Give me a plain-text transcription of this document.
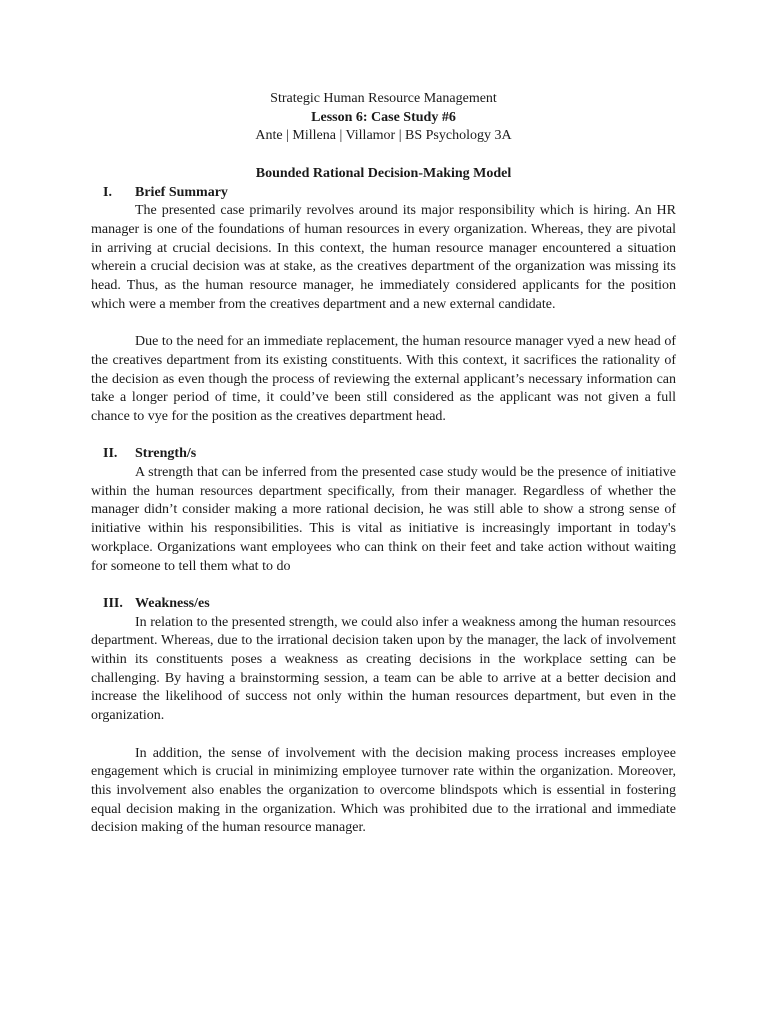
Strategic Human Resource Management
Lesson 6: Case Study #6
Ante | Millena | Villamor | BS Psychology 3A
Bounded Rational Decision-Making Model
I.	Brief Summary

The presented case primarily revolves around its major responsibility which is hiring. An HR manager is one of the foundations of human resources in every organization. Whereas, they are pivotal in arriving at crucial decisions. In this context, the human resource manager encountered a situation wherein a crucial decision was at stake, as the creatives department of the organization was missing its head. Thus, as the human resource manager, he immediately considered applicants for the position which were a member from the creatives department and a new external candidate.

Due to the need for an immediate replacement, the human resource manager vyed a new head of the creatives department from its existing constituents. With this context, it sacrifices the rationality of the decision as even though the process of reviewing the external applicant’s necessary information can take a longer period of time, it could’ve been still considered as the applicant was not given a full chance to vye for the position as the creatives department head.

II.	Strength/s

A strength that can be inferred from the presented case study would be the presence of initiative within the human resources department specifically, from their manager. Regardless of whether the manager didn’t consider making a more rational decision, he was still able to show a strong sense of initiative within his responsibilities. This is vital as initiative is increasingly important in today's workplace. Organizations want employees who can think on their feet and take action without waiting for someone to tell them what to do

III. Weakness/es

In relation to the presented strength, we could also infer a weakness among the human resources department. Whereas, due to the irrational decision taken upon by the manager, the lack of involvement within its constituents poses a weakness as creating decisions in the workplace setting can be challenging. By having a brainstorming session, a team can be able to arrive at a better decision and increase the likelihood of success not only within the human resources department, but even in the organization.

In addition, the sense of involvement with the decision making process increases employee engagement which is crucial in minimizing employee turnover rate within the organization. Moreover, this involvement also enables the organization to overcome blindspots which is essential in fostering equal decision making in the organization. Which was prohibited due to the irrational and immediate decision making of the human resource manager.
